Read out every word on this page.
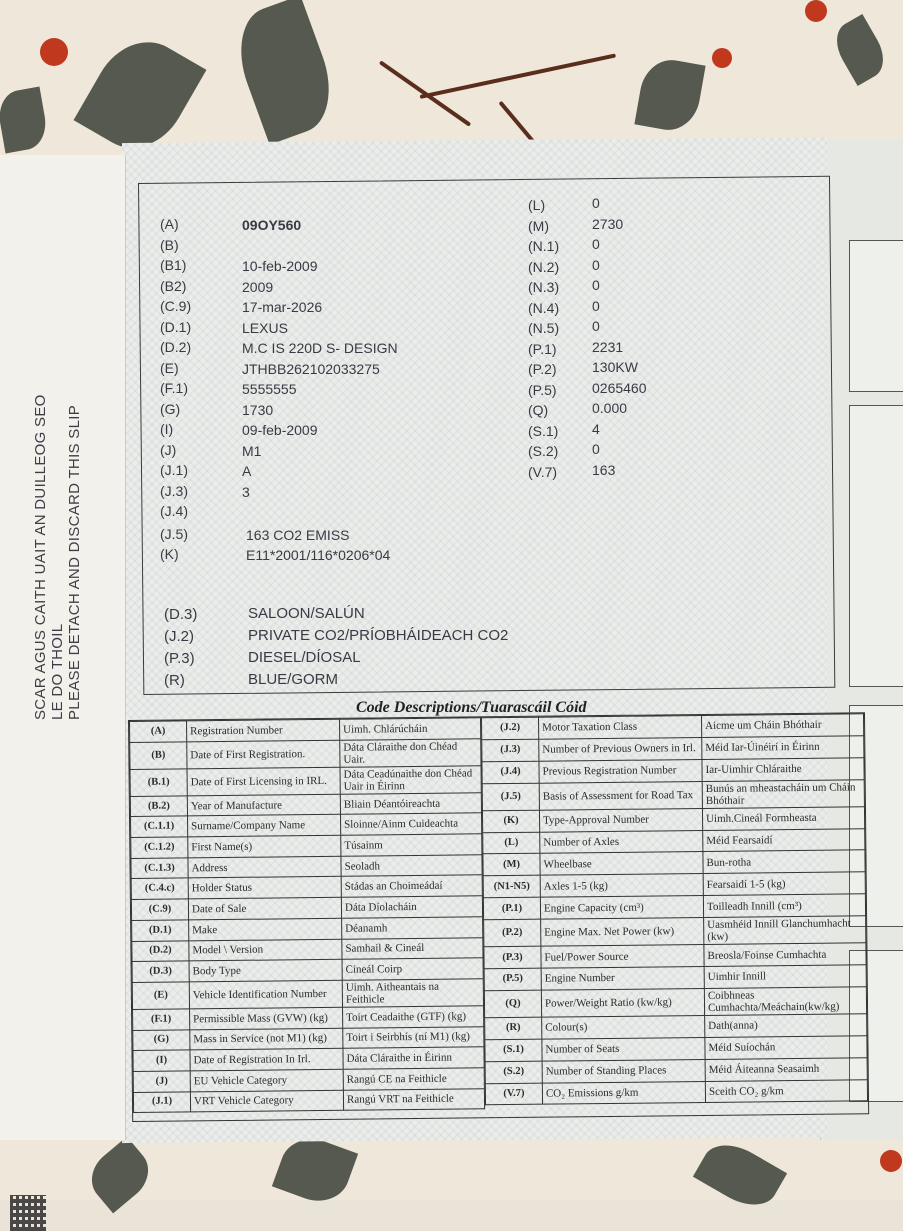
SCAR AGUS CAITH UAIT AN DUILLEOG SEO LE DO THOIL PLEASE DETACH AND DISCARD THIS SLIP
(A)	09OY560
(B)
(B1)	10-feb-2009
(B2)	2009
(C.9)	17-mar-2026
(D.1)	LEXUS
(D.2)	M.C IS 220D S- DESIGN
(E)	JTHBB262102033275
(F.1)	5555555
(G)	1730
(I)	09-feb-2009
(J)	M1
(J.1)	A
(J.3)	3
(J.4)
(J.5)	163 CO2 EMISS
(K)	E11*2001/116*0206*04
(L)	0
(M)	2730
(N.1) 0
(N.2) 0
(N.3) 0
(N.4) 0
(N.5) 0
(P.1)	2231
(P.2)	130KW
(P.5)	0265460
(Q)	0.000
(S.1) 4
(S.2) 0
(V.7) 163
(D.3)	SALOON/SALÚN
(J.2)	PRIVATE CO2/PRÍOBHÁIDEACH CO2
(P.3)	DIESEL/DÍOSAL
(R)	BLUE/GORM
Code Descriptions/Tuarascáil Cóid
(A)	Registration Number	Uimh. Chlárúcháin
(B)	Date of First Registration.	Dáta Cláraithe don Chéad Uair.
(B.1)	Date of First Licensing in IRL.	Dáta Ceadúnaithe don Chéad Uair in Éirinn
(B.2)	Year of Manufacture	Bliain Déantóireachta
(C.1.1)	Surname/Company Name	Sloinne/Ainm Cuideachta
(C.1.2)	First Name(s)	Túsainm
(C.1.3)	Address	Seoladh
(C.4.c)	Holder Status	Stádas an Choimeádaí
(C.9)	Date of Sale	Dáta Díolacháin
(D.1)	Make	Déanamh
(D.2)	Model \ Version	Samhail & Cineál
(D.3)	Body Type	Cineál Coirp
(E)	Vehicle Identification Number	Uimh. Aitheantais na Feithicle
(F.1)	Permissible Mass (GVW) (kg)	Toirt Ceadaithe (GTF) (kg)
(G)	Mass in Service (not M1) (kg)	Toirt i Seirbhís (ní M1) (kg)
(I)	Date of Registration In Irl.	Dáta Cláraithe in Éirinn
(J)	EU Vehicle Category	Rangú CE na Feithicle
(J.1)	VRT Vehicle Category	Rangú VRT na Feithicle
(J.2)	Motor Taxation Class	Aicme um Cháin Bhóthair
(J.3)	Number of Previous Owners in Irl.	Méid Iar-Úinéirí in Éirinn
(J.4)	Previous Registration Number	Iar-Uimhir Chláraithe
(J.5)	Basis of Assessment for Road Tax	Bunús an mheastacháin um Cháin Bhóthair
(K)	Type-Approval Number	Uimh.Cineál Formheasta
(L)	Number of Axles	Méid Fearsaidí
(M)	Wheelbase	Bun-rotha
(N1-N5)	Axles 1-5 (kg)	Fearsaidí 1-5 (kg)
(P.1)	Engine Capacity (cm³)	Toilleadh Innill (cm³)
(P.2)	Engine Max. Net Power (kw)	Uasmhéid Innill Glanchumhacht (kw)
(P.3)	Fuel/Power Source	Breosla/Foinse Cumhachta
(P.5)	Engine Number	Uimhir Innill
(Q)	Power/Weight Ratio (kw/kg)	Coibhneas Cumhachta/Meáchain(kw/kg)
(R)	Colour(s)	Dath(anna)
(S.1)	Number of Seats	Méid Suíochán
(S.2)	Number of Standing Places	Méid Áiteanna Seasaimh
(V.7)	CO₂ Emissions g/km	Sceith CO₂ g/km
